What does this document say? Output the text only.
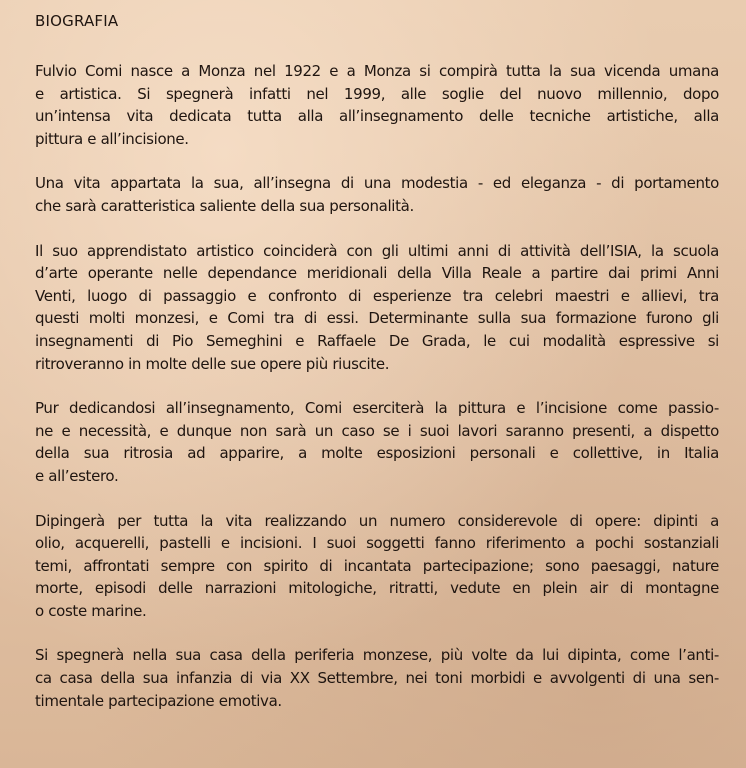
BIOGRAFIA
Fulvio Comi nasce a Monza nel 1922 e a Monza si compirà tutta la sua vicenda umana
e artistica. Si spegnerà infatti nel 1999, alle soglie del nuovo millennio, dopo
un’intensa vita dedicata tutta alla all’insegnamento delle tecniche artistiche, alla
pittura e all’incisione.
Una vita appartata la sua, all’insegna di una modestia - ed eleganza - di portamento
che sarà caratteristica saliente della sua personalità.
Il suo apprendistato artistico coinciderà con gli ultimi anni di attività dell’ISIA, la scuola
d’arte operante nelle dependance meridionali della Villa Reale a partire dai primi Anni
Venti, luogo di passaggio e confronto di esperienze tra celebri maestri e allievi, tra
questi molti monzesi, e Comi tra di essi. Determinante sulla sua formazione furono gli
insegnamenti di Pio Semeghini e Raffaele De Grada, le cui modalità espressive si
ritroveranno in molte delle sue opere più riuscite.
Pur dedicandosi all’insegnamento, Comi eserciterà la pittura e l’incisione come passio-
ne e necessità, e dunque non sarà un caso se i suoi lavori saranno presenti, a dispetto
della sua ritrosia ad apparire, a molte esposizioni personali e collettive, in Italia
e all’estero.
Dipingerà per tutta la vita realizzando un numero considerevole di opere: dipinti a
olio, acquerelli, pastelli e incisioni. I suoi soggetti fanno riferimento a pochi sostanziali
temi, affrontati sempre con spirito di incantata partecipazione; sono paesaggi, nature
morte, episodi delle narrazioni mitologiche, ritratti, vedute en plein air di montagne
o coste marine.
Si spegnerà nella sua casa della periferia monzese, più volte da lui dipinta, come l’anti-
ca casa della sua infanzia di via XX Settembre, nei toni morbidi e avvolgenti di una sen-
timentale partecipazione emotiva.
